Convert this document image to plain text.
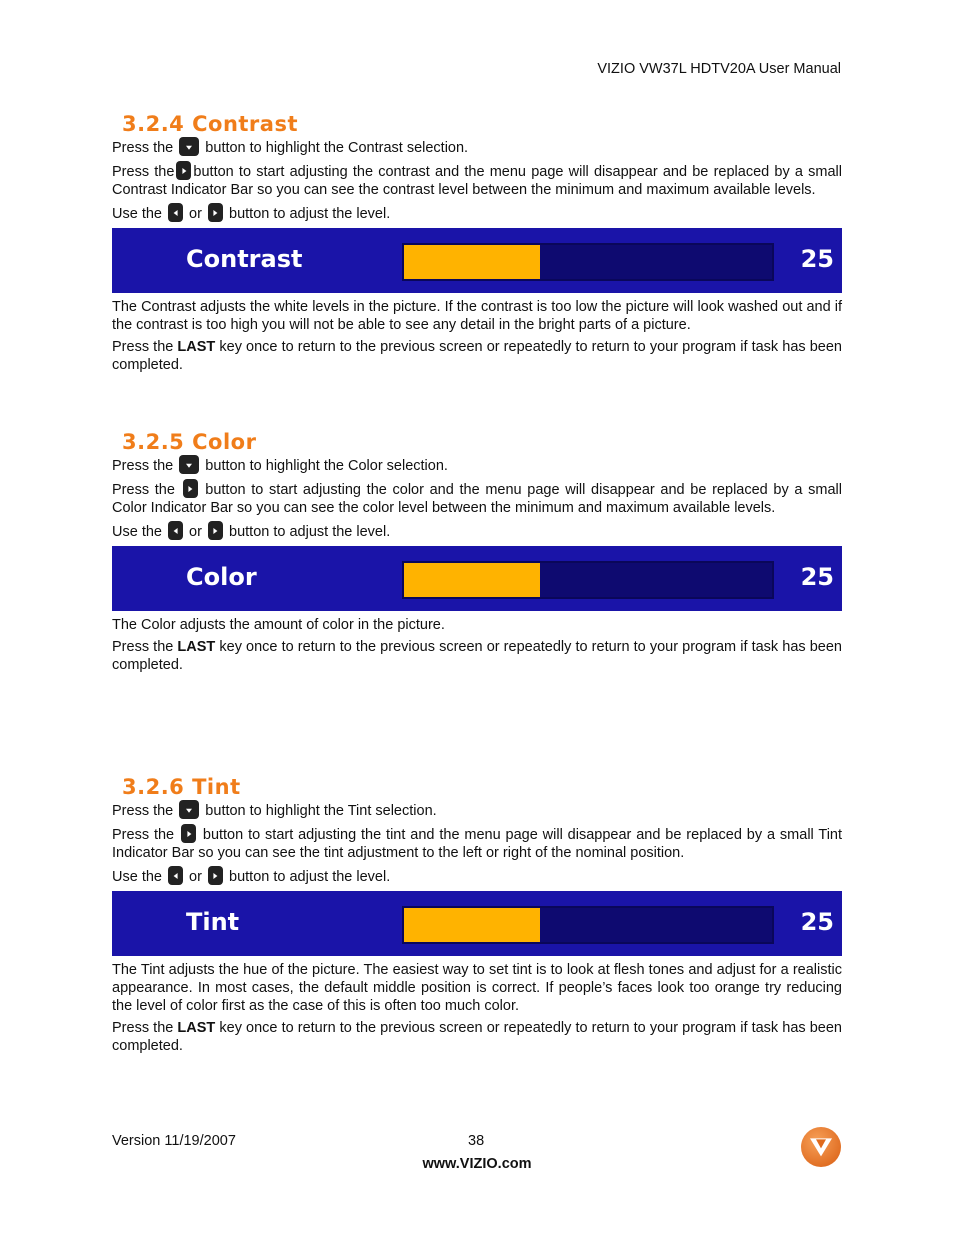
VIZIO VW37L HDTV20A User Manual
3.2.4 Contrast

Press the  button to highlight the Contrast selection.

Press the button to start adjusting the contrast and the menu page will disappear and be replaced by a small Contrast Indicator Bar so you can see the contrast level between the minimum and maximum available levels.

Use the or  button to adjust the level.

Contrast	25

The Contrast adjusts the white levels in the picture. If the contrast is too low the picture will look washed out and if the contrast is too high you will not be able to see any detail in the bright parts of a picture.

Press the LAST key once to return to the previous screen or repeatedly to return to your program if task has been completed.

3.2.5 Color

Press the  button to highlight the Color selection.

Press the  button to start adjusting the color and the menu page will disappear and be replaced by a small Color Indicator Bar so you can see the color level between the minimum and maximum available levels.

Use the or  button to adjust the level.

Color	25

The Color adjusts the amount of color in the picture.

Press the LAST key once to return to the previous screen or repeatedly to return to your program if task has been completed.

3.2.6 Tint

Press the  button to highlight the Tint selection.

Press the  button to start adjusting the tint and the menu page will disappear and be replaced by a small Tint Indicator Bar so you can see the tint adjustment to the left or right of the nominal position.

Use the or  button to adjust the level.

Tint	25

The Tint adjusts the hue of the picture. The easiest way to set tint is to look at flesh tones and adjust for a realistic appearance. In most cases, the default middle position is correct. If people’s faces look too orange try reducing the level of color first as the case of this is often too much color.

Press the LAST key once to return to the previous screen or repeatedly to return to your program if task has been completed.

Version 11/19/2007	38
www.VIZIO.com
